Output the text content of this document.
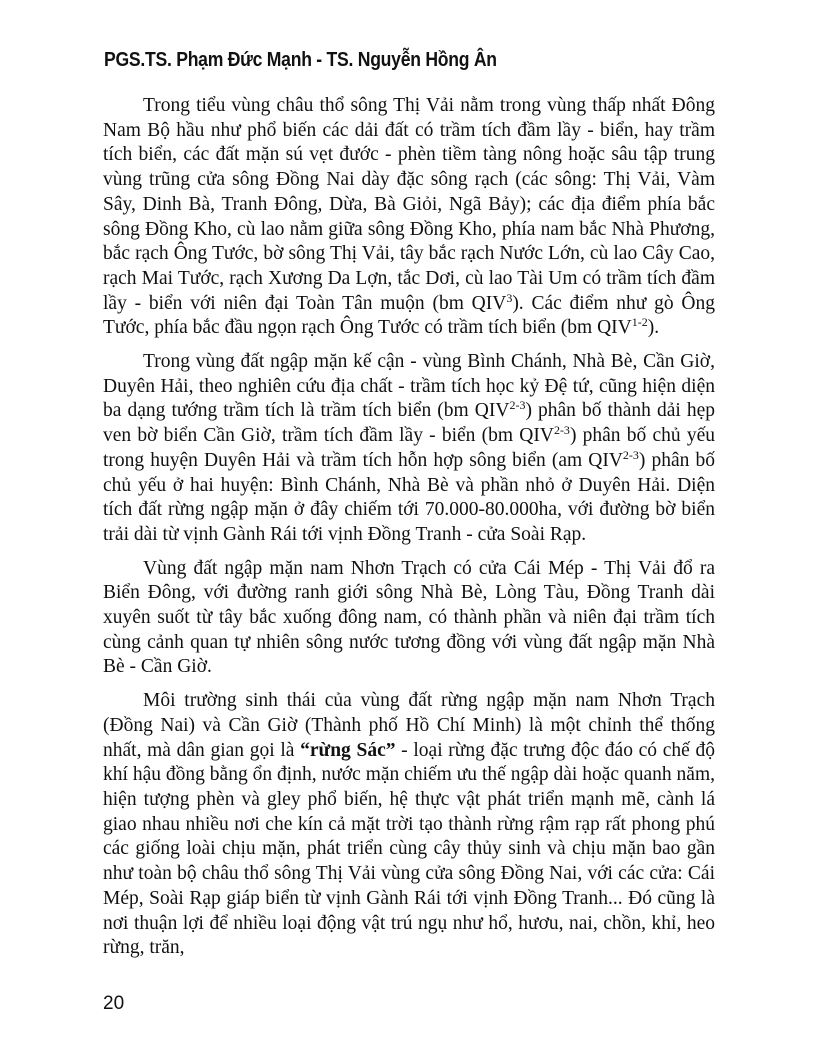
PGS.TS. Phạm Đức Mạnh - TS. Nguyễn Hồng Ân

Trong tiểu vùng châu thổ sông Thị Vải nằm trong vùng thấp nhất Đông Nam Bộ hầu như phổ biến các dải đất có trầm tích đầm lầy - biển, hay trầm tích biển, các đất mặn sú vẹt đước - phèn tiềm tàng nông hoặc sâu tập trung vùng trũng cửa sông Đồng Nai dày đặc sông rạch (các sông: Thị Vải, Vàm Sây, Dinh Bà, Tranh Đông, Dừa, Bà Giỏi, Ngã Bảy); các địa điểm phía bắc sông Đồng Kho, cù lao nằm giữa sông Đồng Kho, phía nam bắc Nhà Phương, bắc rạch Ông Tước, bờ sông Thị Vải, tây bắc rạch Nước Lớn, cù lao Cây Cao, rạch Mai Tước, rạch Xương Da Lợn, tắc Dơi, cù lao Tài Um có trầm tích đầm lầy - biển với niên đại Toàn Tân muộn (bm QIV$^3$). Các điểm như gò Ông Tước, phía bắc đầu ngọn rạch Ông Tước có trầm tích biển (bm QIV$^{1-2}$).

Trong vùng đất ngập mặn kế cận - vùng Bình Chánh, Nhà Bè, Cần Giờ, Duyên Hải, theo nghiên cứu địa chất - trầm tích học kỷ Đệ tứ, cũng hiện diện ba dạng tướng trầm tích là trầm tích biển (bm QIV$^{2-3}$) phân bố thành dải hẹp ven bờ biển Cần Giờ, trầm tích đầm lầy - biển (bm QIV$^{2-3}$) phân bố chủ yếu trong huyện Duyên Hải và trầm tích hỗn hợp sông biển (am QIV$^{2-3}$) phân bố chủ yếu ở hai huyện: Bình Chánh, Nhà Bè và phần nhỏ ở Duyên Hải. Diện tích đất rừng ngập mặn ở đây chiếm tới 70.000-80.000ha, với đường bờ biển trải dài từ vịnh Gành Rái tới vịnh Đồng Tranh - cửa Soài Rạp.

Vùng đất ngập mặn nam Nhơn Trạch có cửa Cái Mép - Thị Vải đổ ra Biển Đông, với đường ranh giới sông Nhà Bè, Lòng Tàu, Đồng Tranh dài xuyên suốt từ tây bắc xuống đông nam, có thành phần và niên đại trầm tích cùng cảnh quan tự nhiên sông nước tương đồng với vùng đất ngập mặn Nhà Bè - Cần Giờ.

Môi trường sinh thái của vùng đất rừng ngập mặn nam Nhơn Trạch (Đồng Nai) và Cần Giờ (Thành phố Hồ Chí Minh) là một chỉnh thể thống nhất, mà dân gian gọi là “rừng Sác” - loại rừng đặc trưng độc đáo có chế độ khí hậu đồng bằng ổn định, nước mặn chiếm ưu thế ngập dài hoặc quanh năm, hiện tượng phèn và gley phổ biến, hệ thực vật phát triển mạnh mẽ, cành lá giao nhau nhiều nơi che kín cả mặt trời tạo thành rừng rậm rạp rất phong phú các giống loài chịu mặn, phát triển cùng cây thủy sinh và chịu mặn bao gần như toàn bộ châu thổ sông Thị Vải vùng cửa sông Đồng Nai, với các cửa: Cái Mép, Soài Rạp giáp biển từ vịnh Gành Rái tới vịnh Đồng Tranh... Đó cũng là nơi thuận lợi để nhiều loại động vật trú ngụ như hổ, hươu, nai, chồn, khỉ, heo rừng, trăn,

20
